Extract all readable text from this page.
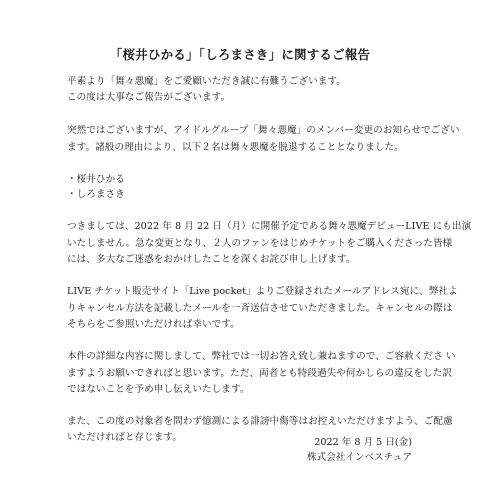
「桜井ひかる」「しろまさき」に関するご報告
平素より「舞々悪魔」をご愛顧いただき誠に有難うございます。
この度は大事なご報告がございます。
突然ではございますが、アイドルグループ「舞々悪魔」のメンバー変更のお知らせでござい
ます。諸般の理由により、以下２名は舞々悪魔を脱退することとなりました。
・桜井ひかる
・しろまさき
つきましては、2022 年 8 月 22 日（月）に開催予定である舞々悪魔デビューLIVE にも出演
いたしません。急な変更となり、２人のファンをはじめチケットをご購入くださった皆様
には、多大なご迷惑をおかけしたことを深くお詫び申し上げます。
LIVE チケット販売サイト「Live pocket」よりご登録されたメールアドレス宛に、弊社よ
りキャンセル方法を記載したメールを一斉送信させていただきました。キャンセルの際は
そちらをご参照いただければ幸いです。
本件の詳細な内容に関しまして、弊社では一切お答え致し兼ねますので、ご容赦くださ い
ますようお願いできればと思います。ただ、両者とも特段過失や何かしらの違反をした訳
ではないことを予め申し伝えいたします。
また、この度の対象者を問わず憶測による誹謗中傷等はお控えいただけますよう、ご配慮
いただければと存じます。	2022 年 8 月 5 日(金)
株式会社インベスチュア
